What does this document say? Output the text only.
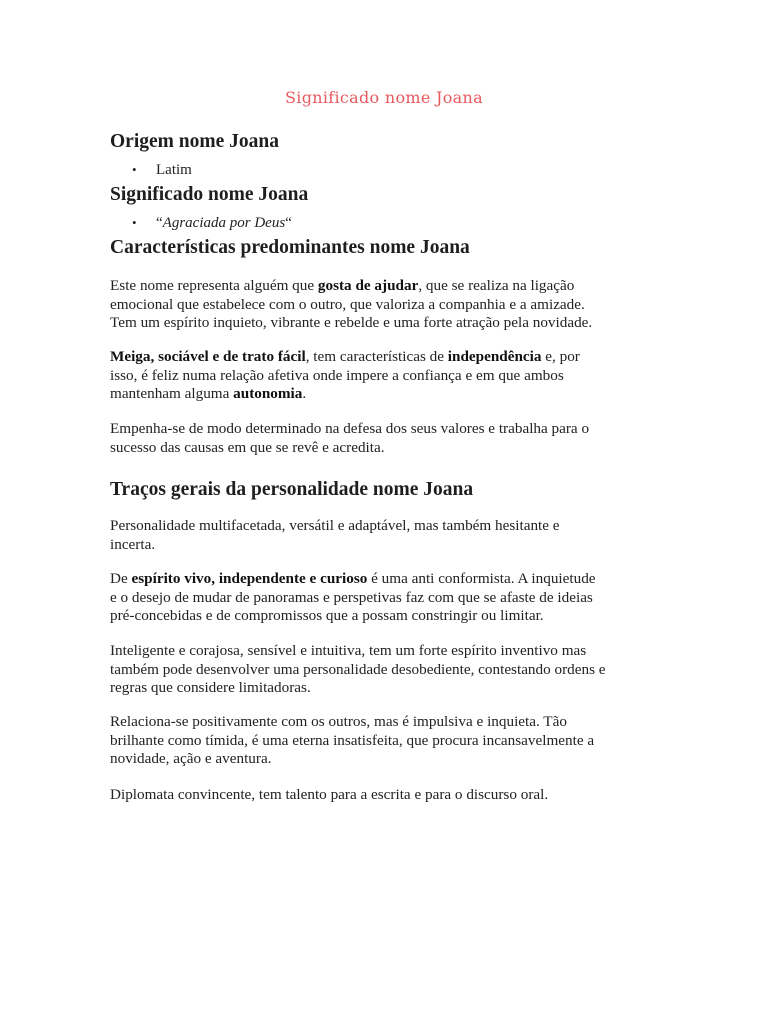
Significado nome Joana
Origem nome Joana
• Latim
Significado nome Joana
• “Agraciada por Deus“
Características predominantes nome Joana

Este nome representa alguém que gosta de ajudar, que se realiza na ligação
emocional que estabelece com o outro, que valoriza a companhia e a amizade.
Tem um espírito inquieto, vibrante e rebelde e uma forte atração pela novidade.

Meiga, sociável e de trato fácil, tem características de independência e, por
isso, é feliz numa relação afetiva onde impere a confiança e em que ambos
mantenham alguma autonomia.

Empenha-se de modo determinado na defesa dos seus valores e trabalha para o
sucesso das causas em que se revê e acredita.

Traços gerais da personalidade nome Joana

Personalidade multifacetada, versátil e adaptável, mas também hesitante e
incerta.

De espírito vivo, independente e curioso é uma anti conformista. A inquietude
e o desejo de mudar de panoramas e perspetivas faz com que se afaste de ideias
pré-concebidas e de compromissos que a possam constringir ou limitar.

Inteligente e corajosa, sensível e intuitiva, tem um forte espírito inventivo mas
também pode desenvolver uma personalidade desobediente, contestando ordens e
regras que considere limitadoras.

Relaciona-se positivamente com os outros, mas é impulsiva e inquieta. Tão
brilhante como tímida, é uma eterna insatisfeita, que procura incansavelmente a
novidade, ação e aventura.

Diplomata convincente, tem talento para a escrita e para o discurso oral.
